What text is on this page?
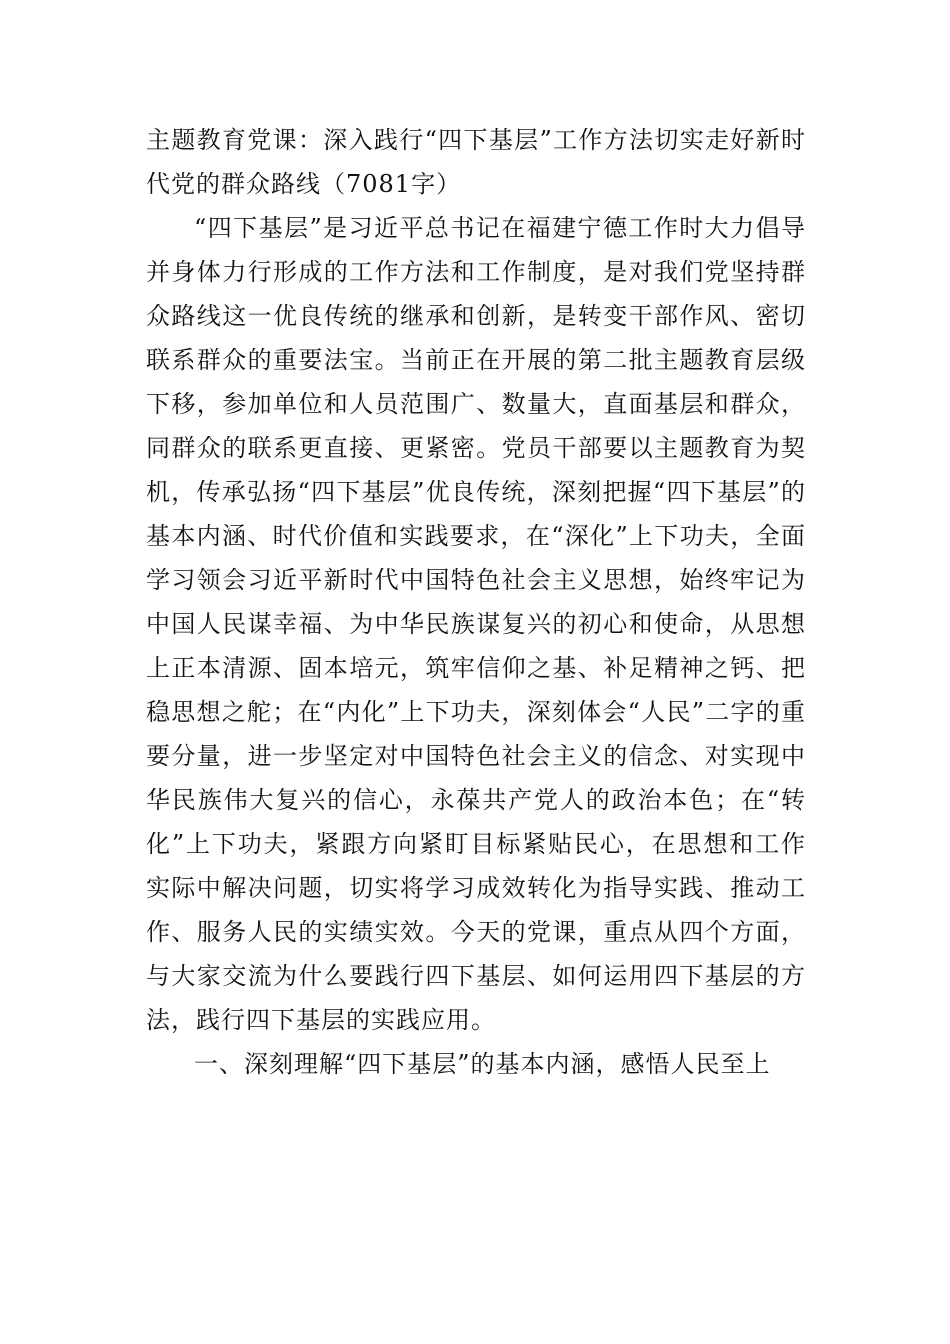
主题教育党课：深入践行“四下基层”工作方法切实走好新时代党的群众路线（7081字）

“四下基层”是习近平总书记在福建宁德工作时大力倡导并身体力行形成的工作方法和工作制度，是对我们党坚持群众路线这一优良传统的继承和创新，是转变干部作风、密切联系群众的重要法宝。当前正在开展的第二批主题教育层级下移，参加单位和人员范围广、数量大，直面基层和群众，同群众的联系更直接、更紧密。党员干部要以主题教育为契机，传承弘扬“四下基层”优良传统，深刻把握“四下基层”的基本内涵、时代价值和实践要求，在“深化”上下功夫，全面学习领会习近平新时代中国特色社会主义思想，始终牢记为中国人民谋幸福、为中华民族谋复兴的初心和使命，从思想上正本清源、固本培元，筑牢信仰之基、补足精神之钙、把稳思想之舵；在“内化”上下功夫，深刻体会“人民”二字的重要分量，进一步坚定对中国特色社会主义的信念、对实现中华民族伟大复兴的信心，永葆共产党人的政治本色；在“转化”上下功夫，紧跟方向紧盯目标紧贴民心，在思想和工作实际中解决问题，切实将学习成效转化为指导实践、推动工作、服务人民的实绩实效。今天的党课，重点从四个方面，与大家交流为什么要践行四下基层、如何运用四下基层的方法，践行四下基层的实践应用。

一、深刻理解“四下基层”的基本内涵，感悟人民至上
